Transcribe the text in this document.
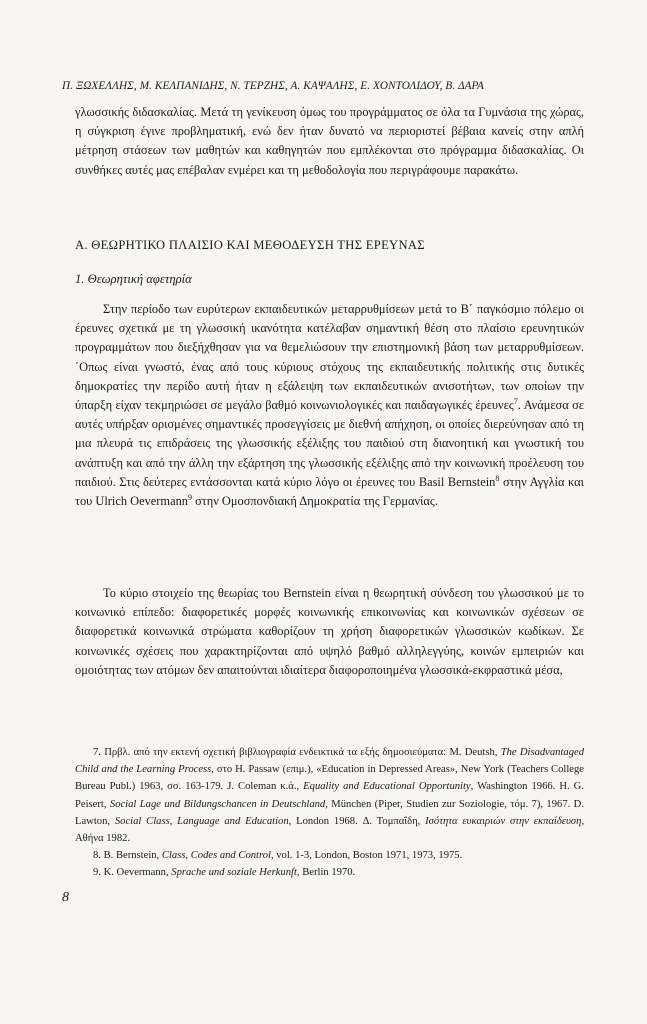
Π. ΞΩΧΕΛΛΗΣ, Μ. ΚΕΛΠΑΝΙΔΗΣ, Ν. ΤΕΡΖΗΣ, Α. ΚΑΨΑΛΗΣ, Ε. ΧΟΝΤΟΛΙΔΟΥ, Β. ΔΑΡΑ

γλωσσικής διδασκαλίας. Μετά τη γενίκευση όμως του προγράμματος σε όλα τα Γυμνάσια της χώρας, η σύγκριση έγινε προβληματική, ενώ δεν ήταν δυνατό να περιοριστεί βέβαια κανείς στην απλή μέτρηση στάσεων των μαθητών και καθηγητών που εμπλέκονται στο πρόγραμμα διδασκαλίας. Οι συνθήκες αυτές μας επέβαλαν ενμέρει και τη μεθοδολογία που περιγράφουμε παρακάτω.

Α. ΘΕΩΡΗΤΙΚΟ ΠΛΑΙΣΙΟ ΚΑΙ ΜΕΘΟΔΕΥΣΗ ΤΗΣ ΕΡΕΥΝΑΣ
1. Θεωρητική αφετηρία

Στην περίοδο των ευρύτερων εκπαιδευτικών μεταρρυθμίσεων μετά το Β΄ παγκόσμιο πόλεμο οι έρευνες σχετικά με τη γλωσσική ικανότητα κατέλαβαν σημαντική θέση στο πλαίσιο ερευνητικών προγραμμάτων που διεξήχθησαν για να θεμελιώσουν την επιστημονική βάση των μεταρρυθμίσεων. ΄Οπως είναι γνωστό, ένας από τους κύριους στόχους της εκπαιδευτικής πολιτικής στις δυτικές δημοκρατίες την περίδο αυτή ήταν η εξάλειψη των εκπαιδευτικών ανισοτήτων, των οποίων την ύπαρξη είχαν τεκμηριώσει σε μεγάλο βαθμό κοινωνιολογικές και παιδαγωγικές έρευνες$^7$. Ανάμεσα σε αυτές υπήρξαν ορισμένες σημαντικές προσεγγίσεις με διεθνή απήχηση, οι οποίες διερεύνησαν από τη μια πλευρά τις επιδράσεις της γλωσσικής εξέλιξης του παιδιού στη διανοητική και γνωστική του ανάπτυξη και από την άλλη την εξάρτηση της γλωσσικής εξέλιξης από την κοινωνική προέλευση του παιδιού. Στις δεύτερες εντάσσονται κατά κύριο λόγο οι έρευνες του Basil Bernstein$^8$ στην Αγγλία και του Ulrich Oevermann$^9$ στην Ομοσπονδιακή Δημοκρατία της Γερμανίας.

Το κύριο στοιχείο της θεωρίας του Bernstein είναι η θεωρητική σύνδεση του γλωσσικού με το κοινωνικό επίπεδο: διαφορετικές μορφές κοινωνικής επικοινωνίας και κοινωνικών σχέσεων σε διαφορετικά κοινωνικά στρώματα καθορίζουν τη χρήση διαφορετικών γλωσσικών κωδίκων. Σε κοινωνικές σχέσεις που χαρακτηρίζονται από υψηλό βαθμό αλληλεγγύης, κοινών εμπειριών και ομοιότητας των ατόμων δεν απαιτούνται ιδιαίτερα διαφοροποιημένα γλωσσικά-εκφραστικά μέσα,

7. Πρβλ. από την εκτενή σχετική βιβλιογραφία ενδεικτικά τα εξής δημοσιεύματα: M. Deutsh, The Disadvantaged Child and the Learning Process, στο H. Passaw (επιμ.), «Education in Depressed Areas», New York (Teachers College Bureau Publ.) 1963, σσ. 163-179. J. Coleman κ.ά., Equality and Educational Opportunity, Washington 1966. H. G. Peisert, Social Lage und Bildungschancen in Deutschland, München (Piper, Studien zur Soziologie, τόμ. 7), 1967. D. Lawton, Social Class, Language and Education, London 1968. Δ. Τομπαΐδη, Ισότητα ευκαιριών στην εκπαίδευση, Αθήνα 1982.

8. B. Bernstein, Class, Codes and Control, vol. 1-3, London, Boston 1971, 1973, 1975.

9. K. Oevermann, Sprache und soziale Herkunft, Berlin 1970.

8
